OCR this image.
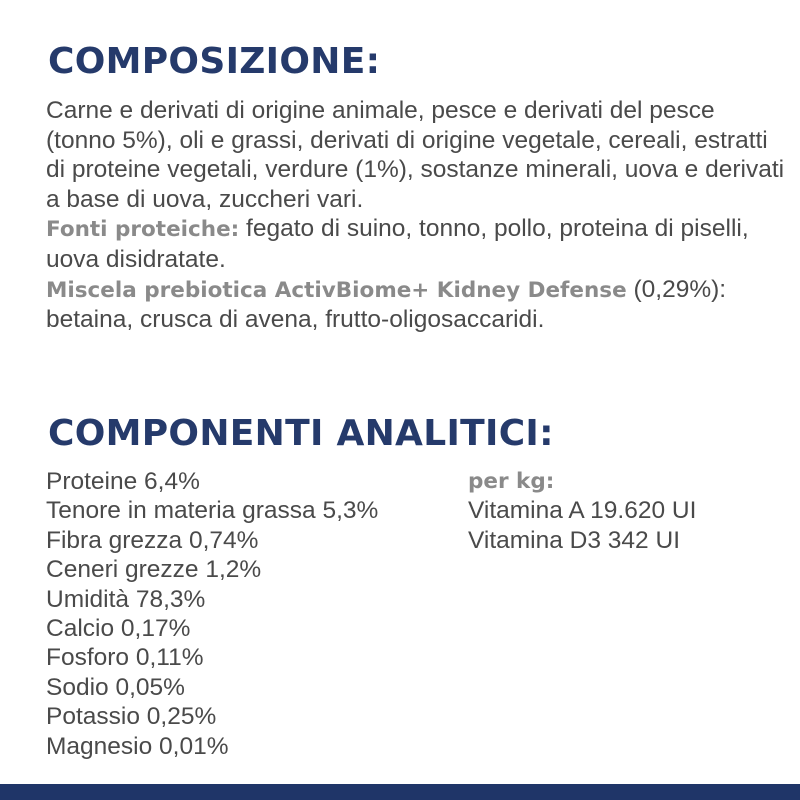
COMPOSIZIONE:

Carne e derivati di origine animale, pesce e derivati del pesce (tonno 5%), oli e grassi, derivati di origine vegetale, cereali, estratti di proteine vegetali, verdure (1%), sostanze minerali, uova e derivati a base di uova, zuccheri vari.

Fonti proteiche: fegato di suino, tonno, pollo, proteina di piselli, uova disidratate.

Miscela prebiotica ActivBiome+ Kidney Defense (0,29%): betaina, crusca di avena, frutto-oligosaccaridi.

COMPONENTI ANALITICI:
Proteine 6,4%
Tenore in materia grassa 5,3%
Fibra grezza 0,74%
Ceneri grezze 1,2%
Umidità 78,3%
Calcio 0,17%
Fosforo 0,11%
Sodio 0,05%
Potassio 0,25%
Magnesio 0,01%
per kg:
Vitamina A 19.620 UI
Vitamina D3 342 UI
